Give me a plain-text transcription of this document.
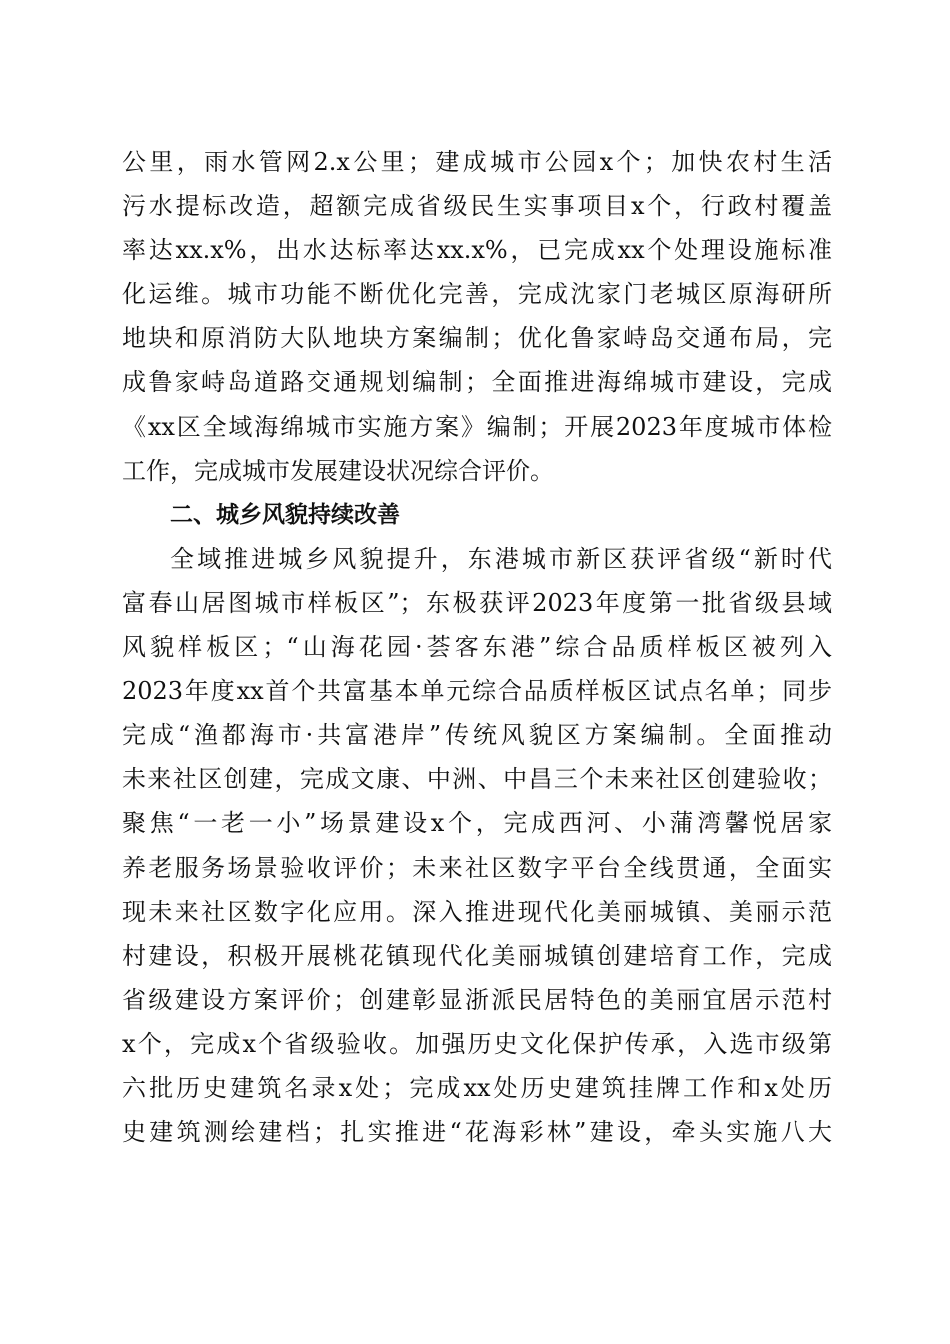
公里，雨水管网2.x公里；建成城市公园x个；加快农村生活
污水提标改造，超额完成省级民生实事项目x个，行政村覆盖
率达xx.x%，出水达标率达xx.x%，已完成xx个处理设施标准
化运维。城市功能不断优化完善，完成沈家门老城区原海研所
地块和原消防大队地块方案编制；优化鲁家峙岛交通布局，完
成鲁家峙岛道路交通规划编制；全面推进海绵城市建设，完成
《xx区全域海绵城市实施方案》编制；开展2023年度城市体检
工作，完成城市发展建设状况综合评价。
二、城乡风貌持续改善
全域推进城乡风貌提升，东港城市新区获评省级“新时代
富春山居图城市样板区”；东极获评2023年度第一批省级县域
风貌样板区；“山海花园·荟客东港”综合品质样板区被列入
2023年度xx首个共富基本单元综合品质样板区试点名单；同步
完成“渔都海市·共富港岸”传统风貌区方案编制。全面推动
未来社区创建，完成文康、中洲、中昌三个未来社区创建验收；
聚焦“一老一小”场景建设x个，完成西河、小蒲湾馨悦居家
养老服务场景验收评价；未来社区数字平台全线贯通，全面实
现未来社区数字化应用。深入推进现代化美丽城镇、美丽示范
村建设，积极开展桃花镇现代化美丽城镇创建培育工作，完成
省级建设方案评价；创建彰显浙派民居特色的美丽宜居示范村
x个，完成x个省级验收。加强历史文化保护传承，入选市级第
六批历史建筑名录x处；完成xx处历史建筑挂牌工作和x处历
史建筑测绘建档；扎实推进“花海彩林”建设，牵头实施八大
